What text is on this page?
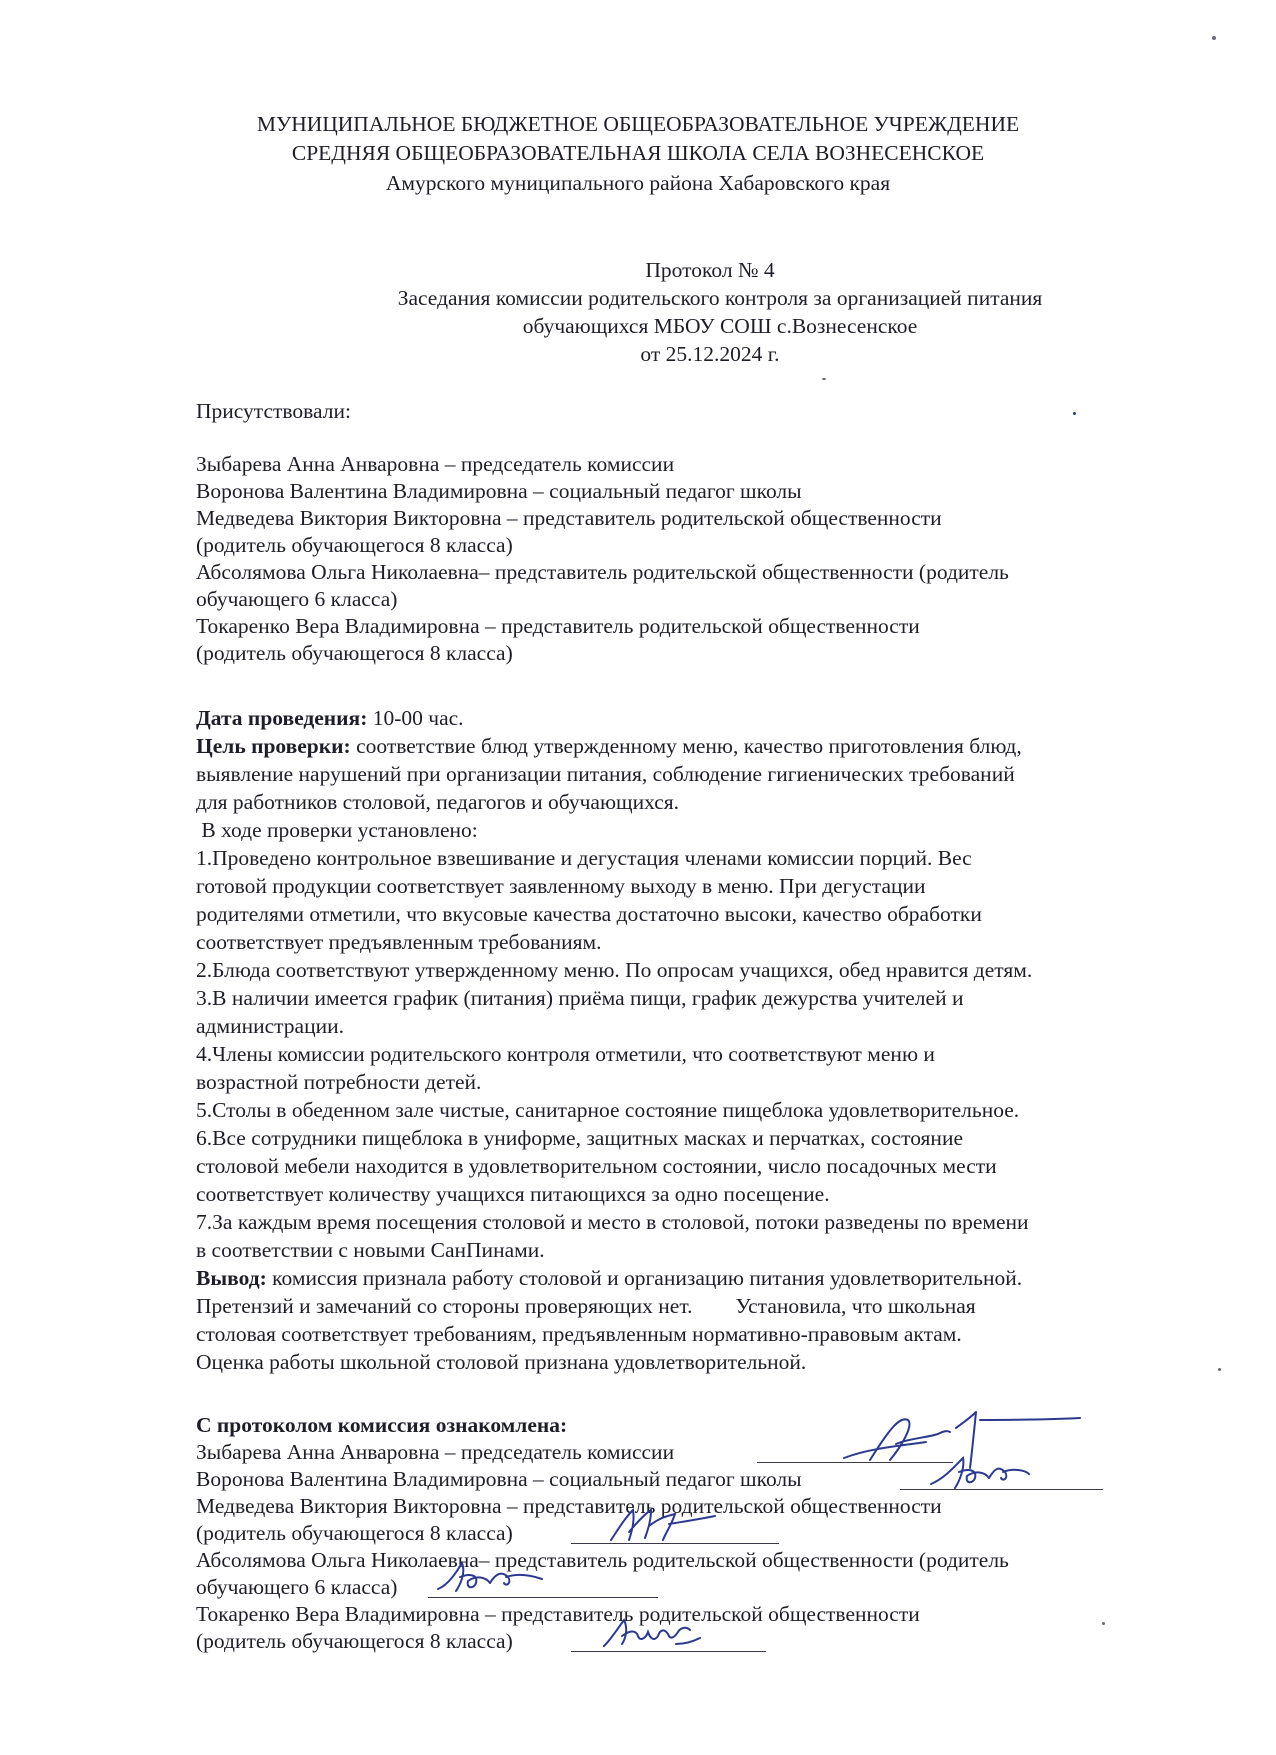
МУНИЦИПАЛЬНОЕ БЮДЖЕТНОЕ ОБЩЕОБРАЗОВАТЕЛЬНОЕ УЧРЕЖДЕНИЕ
СРЕДНЯЯ ОБЩЕОБРАЗОВАТЕЛЬНАЯ ШКОЛА СЕЛА ВОЗНЕСЕНСКОЕ
Амурского муниципального района Хабаровского края
Протокол № 4
Заседания комиссии родительского контроля за организацией питания
обучающихся МБОУ СОШ с.Вознесенское
от 25.12.2024 г.
Присутствовали:
Зыбарева Анна Анваровна – председатель комиссии
Воронова Валентина Владимировна – социальный педагог школы
Медведева Виктория Викторовна – представитель родительской общественности
(родитель обучающегося 8 класса)
Абсолямова Ольга Николаевна– представитель родительской общественности (родитель
обучающего 6 класса)
Токаренко Вера Владимировна – представитель родительской общественности
(родитель обучающегося 8 класса)
Дата проведения: 10-00 час.
Цель проверки: соответствие блюд утвержденному меню, качество приготовления блюд,
выявление нарушений при организации питания, соблюдение гигиенических требований
для работников столовой, педагогов и обучающихся.
В ходе проверки установлено:
1.Проведено контрольное взвешивание и дегустация членами комиссии порций. Вес
готовой продукции соответствует заявленному выходу в меню. При дегустации
родителями отметили, что вкусовые качества достаточно высоки, качество обработки
соответствует предъявленным требованиям.
2.Блюда соответствуют утвержденному меню. По опросам учащихся, обед нравится детям.
3.В наличии имеется график (питания) приёма пищи, график дежурства учителей и
администрации.
4.Члены комиссии родительского контроля отметили, что соответствуют меню и
возрастной потребности детей.
5.Столы в обеденном зале чистые, санитарное состояние пищеблока удовлетворительное.
6.Все сотрудники пищеблока в униформе, защитных масках и перчатках, состояние
столовой мебели находится в удовлетворительном состоянии, число посадочных мести
соответствует количеству учащихся питающихся за одно посещение.
7.За каждым время посещения столовой и место в столовой, потоки разведены по времени
в соответствии с новыми СанПинами.
Вывод: комиссия признала работу столовой и организацию питания удовлетворительной.
Претензий и замечаний со стороны проверяющих нет.        Установила, что школьная
столовая соответствует требованиям, предъявленным нормативно-правовым актам.
Оценка работы школьной столовой признана удовлетворительной.
С протоколом комиссия ознакомлена:
Зыбарева Анна Анваровна – председатель комиссии
Воронова Валентина Владимировна – социальный педагог школы
Медведева Виктория Викторовна – представитель родительской общественности
(родитель обучающегося 8 класса)
Абсолямова Ольга Николаевна– представитель родительской общественности (родитель
обучающего 6 класса)
Токаренко Вера Владимировна – представитель родительской общественности
(родитель обучающегося 8 класса)
